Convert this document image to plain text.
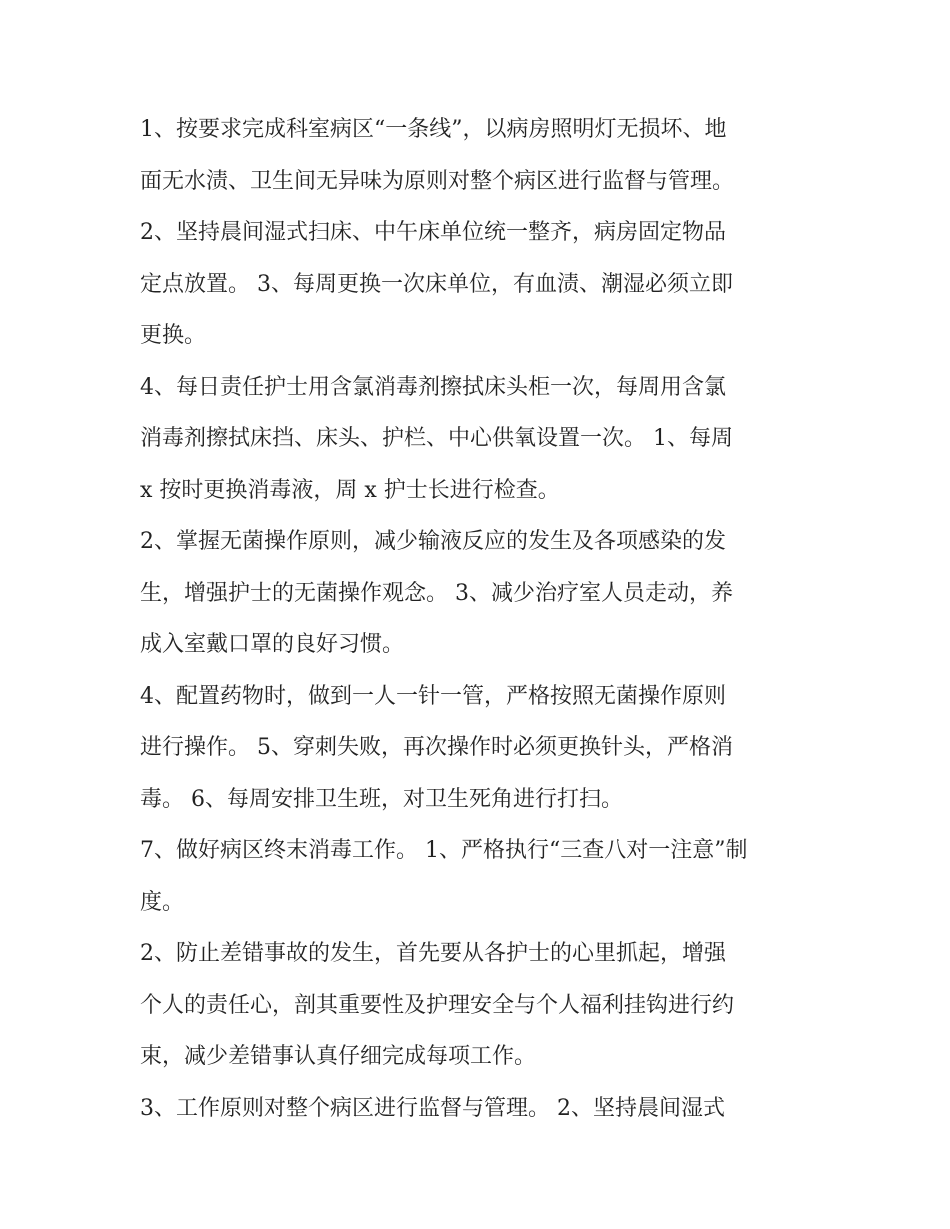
1、按要求完成科室病区“一条线”，以病房照明灯无损坏、地
面无水渍、卫生间无异味为原则对整个病区进行监督与管理。

2、坚持晨间湿式扫床、中午床单位统一整齐，病房固定物品
定点放置。 3、每周更换一次床单位，有血渍、潮湿必须立即
更换。

4、每日责任护士用含氯消毒剂擦拭床头柜一次，每周用含氯
消毒剂擦拭床挡、床头、护栏、中心供氧设置一次。 1、每周
x 按时更换消毒液，周 x 护士长进行检查。

2、掌握无菌操作原则，减少输液反应的发生及各项感染的发
生，增强护士的无菌操作观念。 3、减少治疗室人员走动，养
成入室戴口罩的良好习惯。

4、配置药物时，做到一人一针一管，严格按照无菌操作原则
进行操作。 5、穿刺失败，再次操作时必须更换针头，严格消
毒。 6、每周安排卫生班，对卫生死角进行打扫。

7、做好病区终末消毒工作。 1、严格执行“三查八对一注意”制
度。

2、防止差错事故的发生，首先要从各护士的心里抓起，增强
个人的责任心，剖其重要性及护理安全与个人福利挂钩进行约
束，减少差错事认真仔细完成每项工作。

3、工作原则对整个病区进行监督与管理。 2、坚持晨间湿式
